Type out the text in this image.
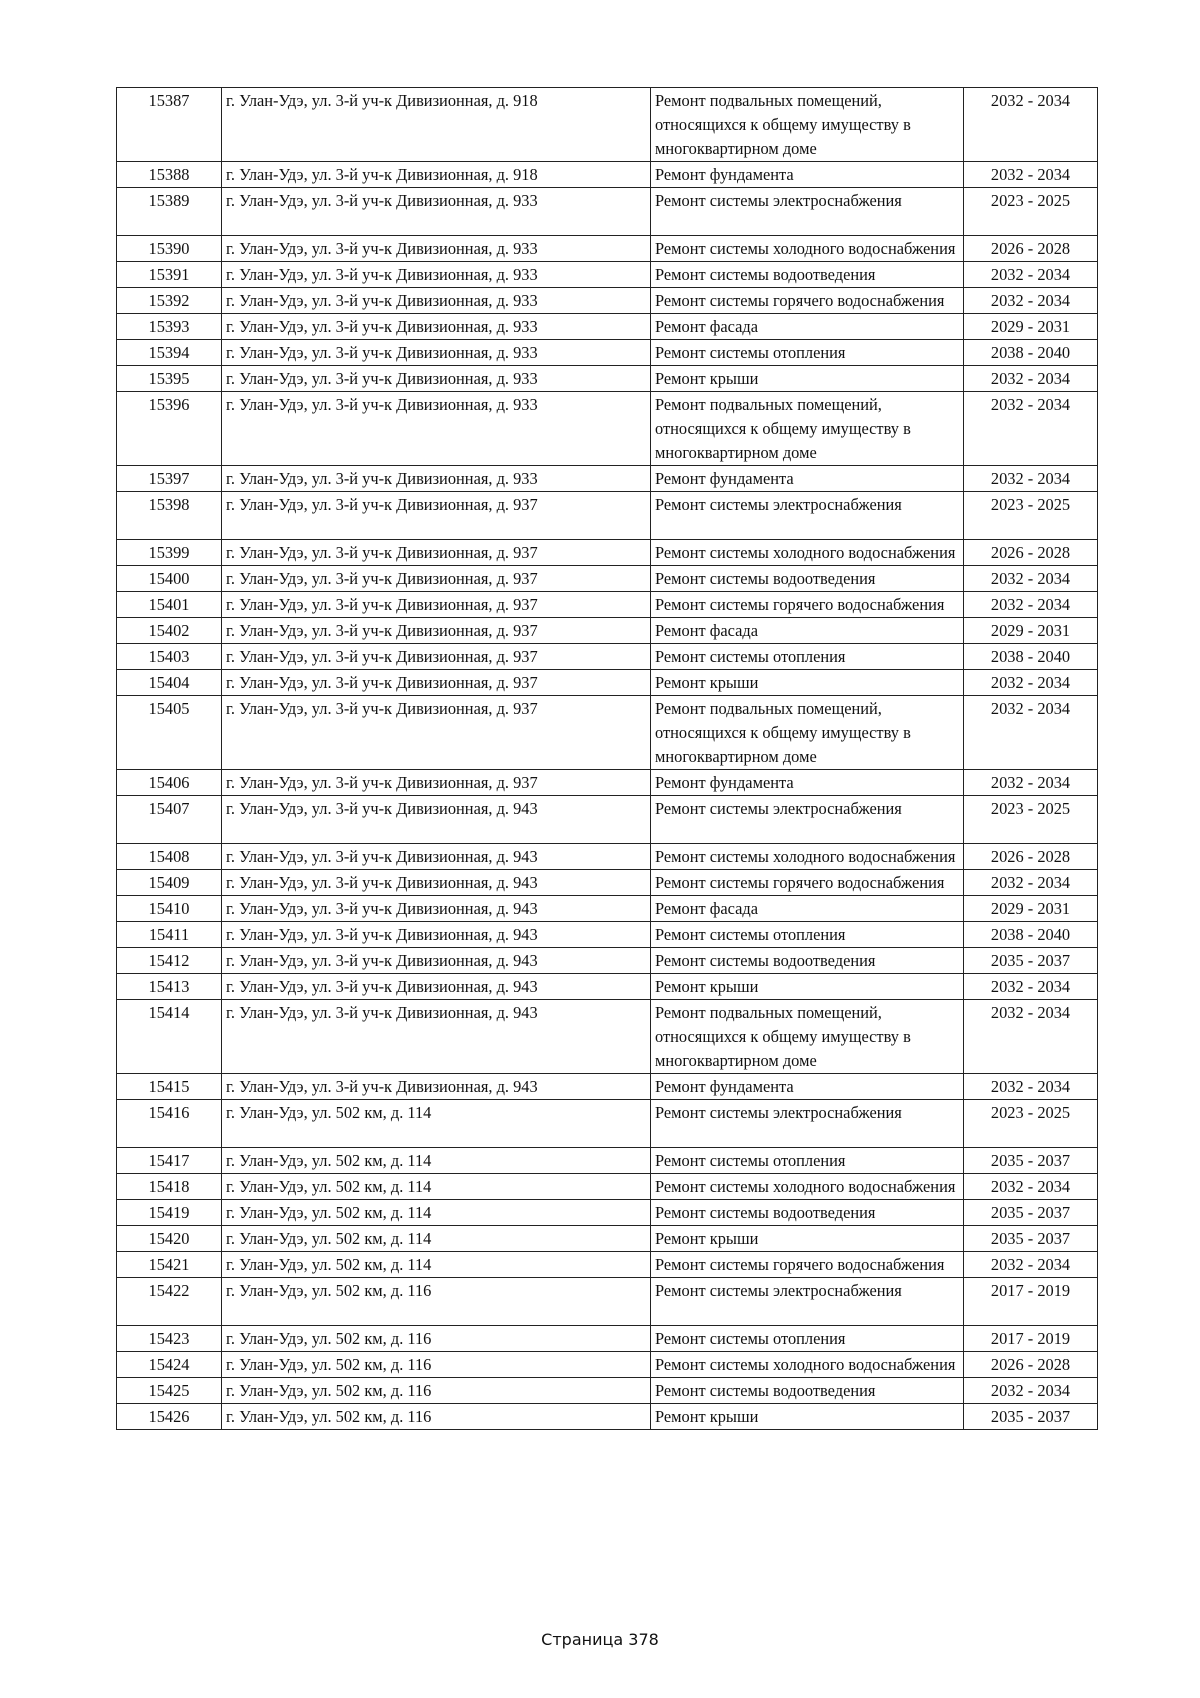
15387	г. Улан-Удэ, ул. 3-й уч-к Дивизионная, д. 918	Ремонт подвальных помещений, относящихся к общему имуществу в многоквартирном доме	2032 - 2034
15388	г. Улан-Удэ, ул. 3-й уч-к Дивизионная, д. 918	Ремонт фундамента	2032 - 2034
15389	г. Улан-Удэ, ул. 3-й уч-к Дивизионная, д. 933	Ремонт системы электроснабжения	2023 - 2025
15390	г. Улан-Удэ, ул. 3-й уч-к Дивизионная, д. 933	Ремонт системы холодного водоснабжения	2026 - 2028
15391	г. Улан-Удэ, ул. 3-й уч-к Дивизионная, д. 933	Ремонт системы водоотведения	2032 - 2034
15392	г. Улан-Удэ, ул. 3-й уч-к Дивизионная, д. 933	Ремонт системы горячего водоснабжения	2032 - 2034
15393	г. Улан-Удэ, ул. 3-й уч-к Дивизионная, д. 933	Ремонт фасада	2029 - 2031
15394	г. Улан-Удэ, ул. 3-й уч-к Дивизионная, д. 933	Ремонт системы отопления	2038 - 2040
15395	г. Улан-Удэ, ул. 3-й уч-к Дивизионная, д. 933	Ремонт крыши	2032 - 2034
15396	г. Улан-Удэ, ул. 3-й уч-к Дивизионная, д. 933	Ремонт подвальных помещений, относящихся к общему имуществу в многоквартирном доме	2032 - 2034
15397	г. Улан-Удэ, ул. 3-й уч-к Дивизионная, д. 933	Ремонт фундамента	2032 - 2034
15398	г. Улан-Удэ, ул. 3-й уч-к Дивизионная, д. 937	Ремонт системы электроснабжения	2023 - 2025
15399	г. Улан-Удэ, ул. 3-й уч-к Дивизионная, д. 937	Ремонт системы холодного водоснабжения	2026 - 2028
15400	г. Улан-Удэ, ул. 3-й уч-к Дивизионная, д. 937	Ремонт системы водоотведения	2032 - 2034
15401	г. Улан-Удэ, ул. 3-й уч-к Дивизионная, д. 937	Ремонт системы горячего водоснабжения	2032 - 2034
15402	г. Улан-Удэ, ул. 3-й уч-к Дивизионная, д. 937	Ремонт фасада	2029 - 2031
15403	г. Улан-Удэ, ул. 3-й уч-к Дивизионная, д. 937	Ремонт системы отопления	2038 - 2040
15404	г. Улан-Удэ, ул. 3-й уч-к Дивизионная, д. 937	Ремонт крыши	2032 - 2034
15405	г. Улан-Удэ, ул. 3-й уч-к Дивизионная, д. 937	Ремонт подвальных помещений, относящихся к общему имуществу в многоквартирном доме	2032 - 2034
15406	г. Улан-Удэ, ул. 3-й уч-к Дивизионная, д. 937	Ремонт фундамента	2032 - 2034
15407	г. Улан-Удэ, ул. 3-й уч-к Дивизионная, д. 943	Ремонт системы электроснабжения	2023 - 2025
15408	г. Улан-Удэ, ул. 3-й уч-к Дивизионная, д. 943	Ремонт системы холодного водоснабжения	2026 - 2028
15409	г. Улан-Удэ, ул. 3-й уч-к Дивизионная, д. 943	Ремонт системы горячего водоснабжения	2032 - 2034
15410	г. Улан-Удэ, ул. 3-й уч-к Дивизионная, д. 943	Ремонт фасада	2029 - 2031
15411	г. Улан-Удэ, ул. 3-й уч-к Дивизионная, д. 943	Ремонт системы отопления	2038 - 2040
15412	г. Улан-Удэ, ул. 3-й уч-к Дивизионная, д. 943	Ремонт системы водоотведения	2035 - 2037
15413	г. Улан-Удэ, ул. 3-й уч-к Дивизионная, д. 943	Ремонт крыши	2032 - 2034
15414	г. Улан-Удэ, ул. 3-й уч-к Дивизионная, д. 943	Ремонт подвальных помещений, относящихся к общему имуществу в многоквартирном доме	2032 - 2034
15415	г. Улан-Удэ, ул. 3-й уч-к Дивизионная, д. 943	Ремонт фундамента	2032 - 2034
15416	г. Улан-Удэ, ул. 502 км, д. 114	Ремонт системы электроснабжения	2023 - 2025
15417	г. Улан-Удэ, ул. 502 км, д. 114	Ремонт системы отопления	2035 - 2037
15418	г. Улан-Удэ, ул. 502 км, д. 114	Ремонт системы холодного водоснабжения	2032 - 2034
15419	г. Улан-Удэ, ул. 502 км, д. 114	Ремонт системы водоотведения	2035 - 2037
15420	г. Улан-Удэ, ул. 502 км, д. 114	Ремонт крыши	2035 - 2037
15421	г. Улан-Удэ, ул. 502 км, д. 114	Ремонт системы горячего водоснабжения	2032 - 2034
15422	г. Улан-Удэ, ул. 502 км, д. 116	Ремонт системы электроснабжения	2017 - 2019
15423	г. Улан-Удэ, ул. 502 км, д. 116	Ремонт системы отопления	2017 - 2019
15424	г. Улан-Удэ, ул. 502 км, д. 116	Ремонт системы холодного водоснабжения	2026 - 2028
15425	г. Улан-Удэ, ул. 502 км, д. 116	Ремонт системы водоотведения	2032 - 2034
15426	г. Улан-Удэ, ул. 502 км, д. 116	Ремонт крыши	2035 - 2037
Страница 378
